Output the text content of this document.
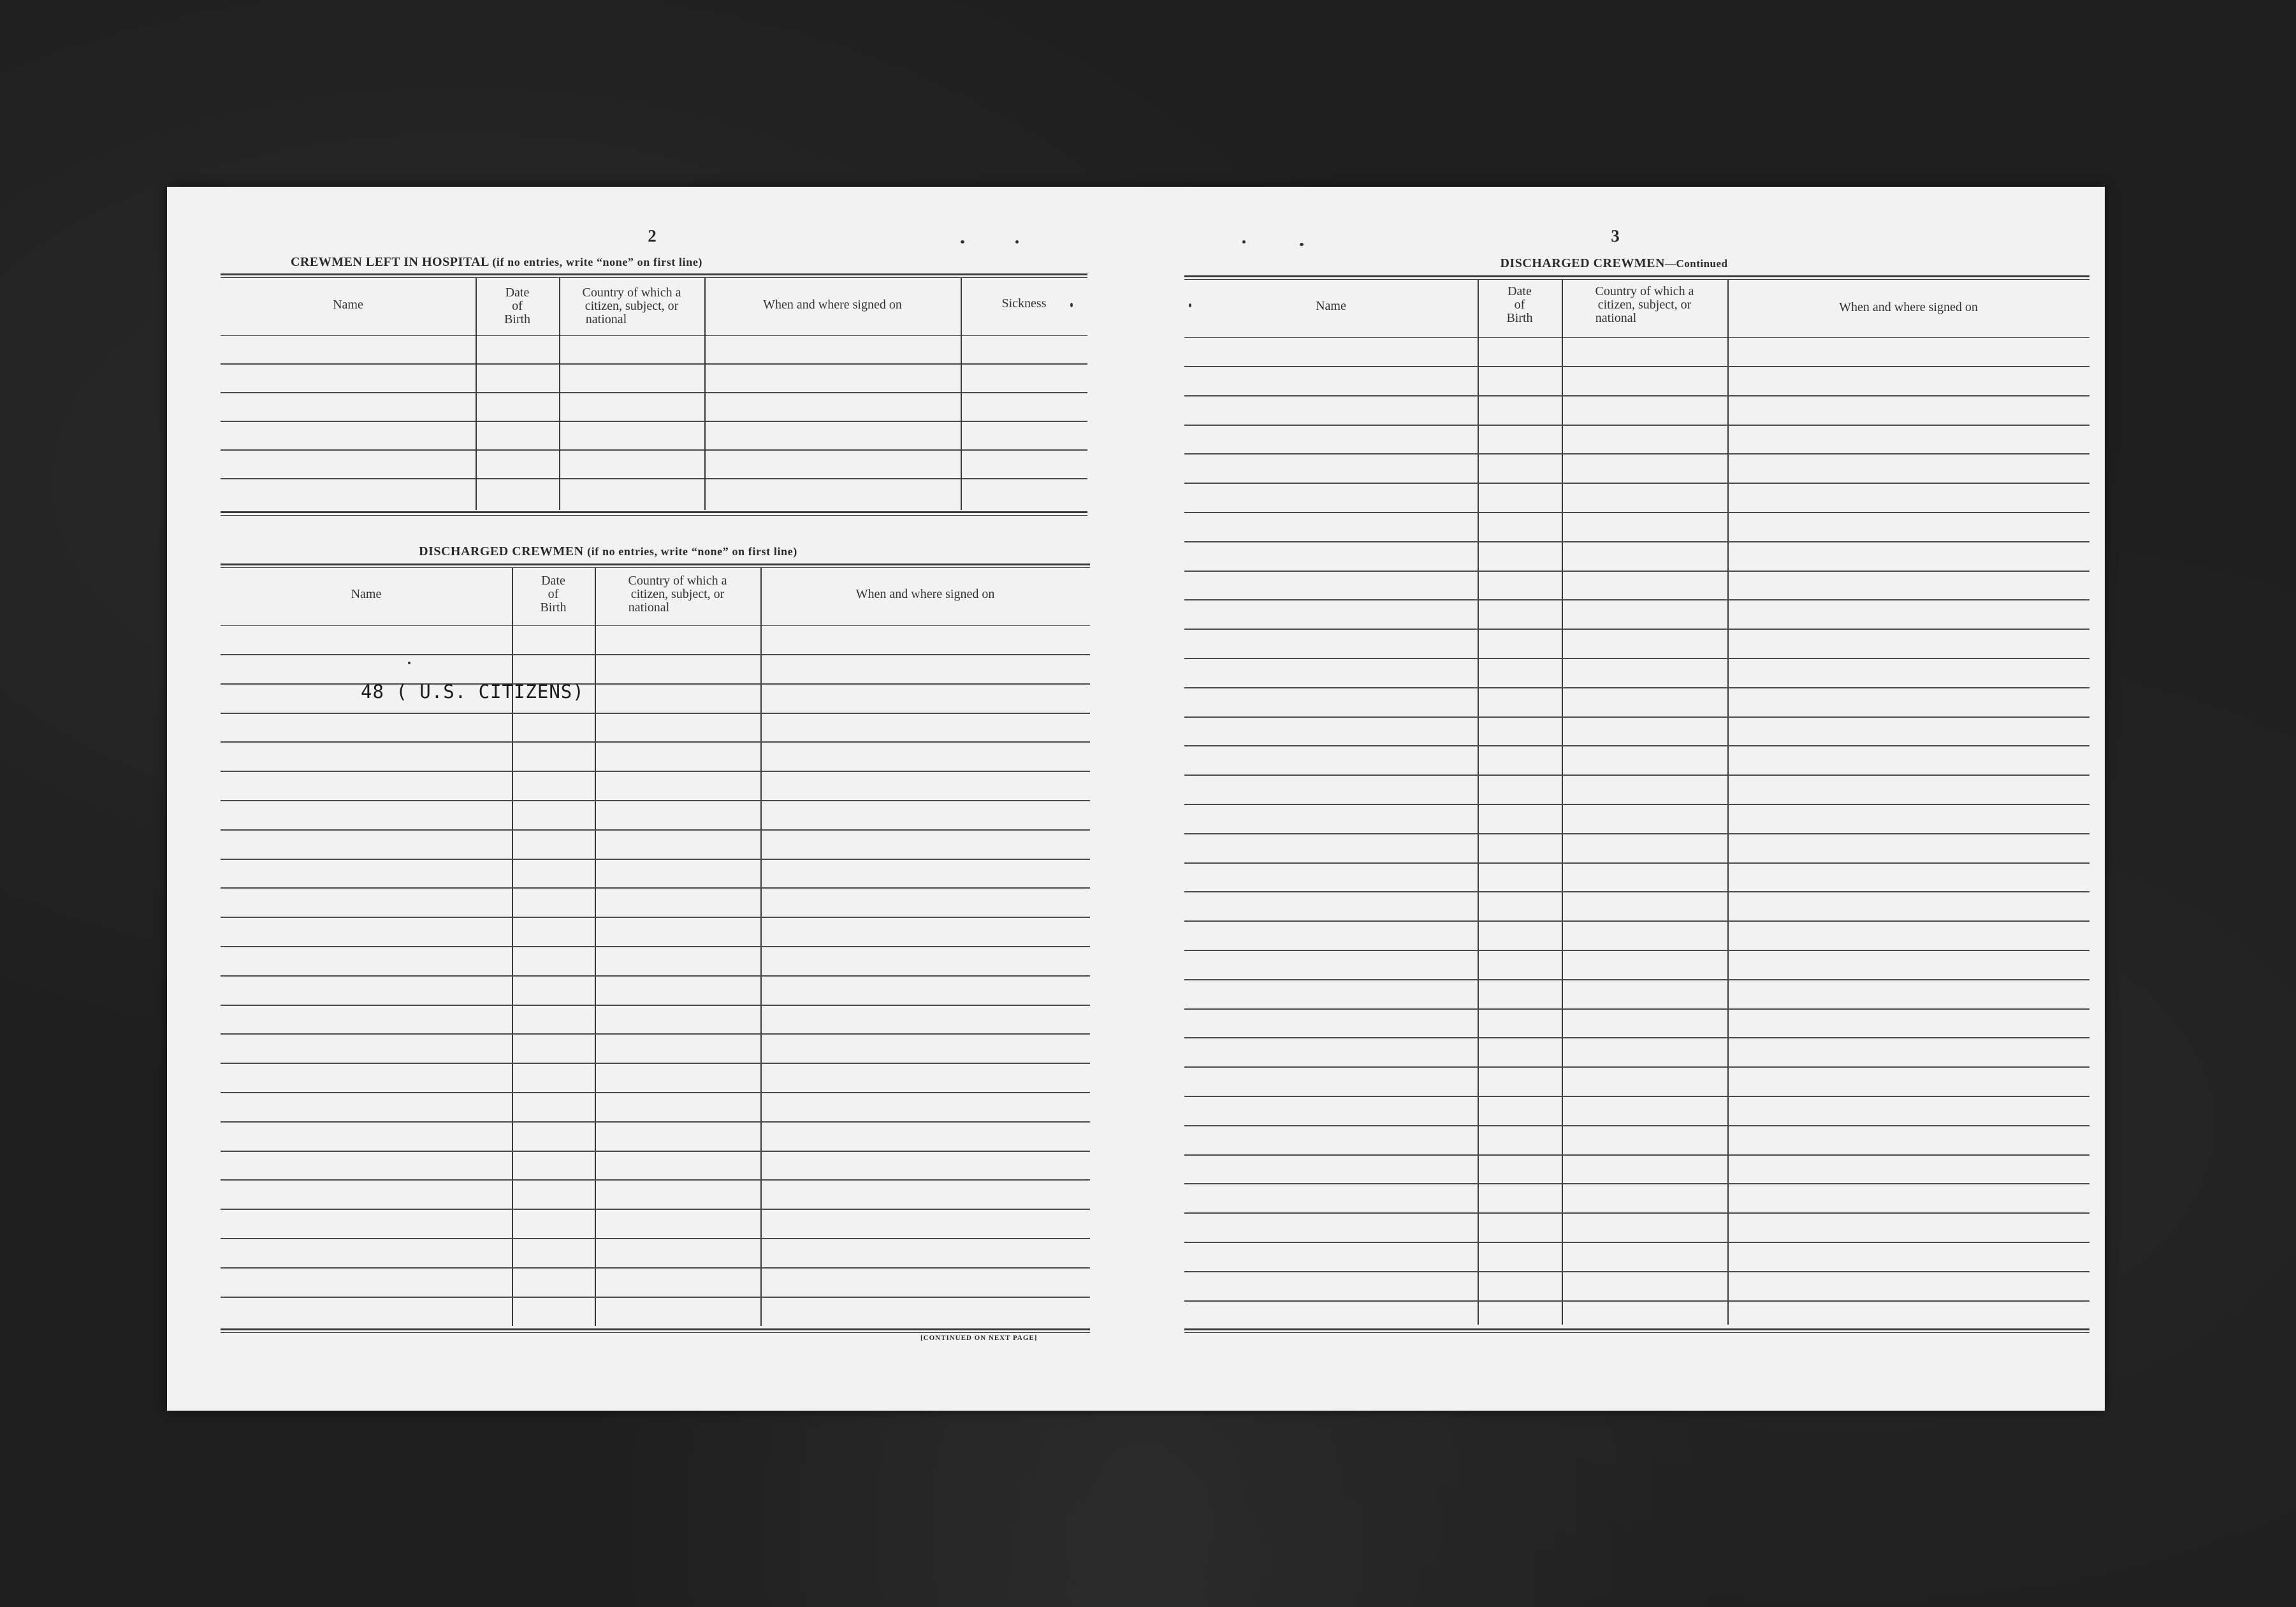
2
CREWMEN LEFT IN HOSPITAL (if no entries, write “none” on first line)
Name
Date
of
Birth
Country of which a
citizen, subject, or
national
When and where signed on	Sickness
DISCHARGED CREWMEN (if no entries, write “none” on first line)
Name
Date
of
Birth
Country of which a
citizen, subject, or
national
When and where signed on
48 ( U.S. CITIZENS)
[CONTINUED ON NEXT PAGE]
3
DISCHARGED CREWMEN—Continued
Name
Date
of
Birth
Country of which a
citizen, subject, or
national
When and where signed on
